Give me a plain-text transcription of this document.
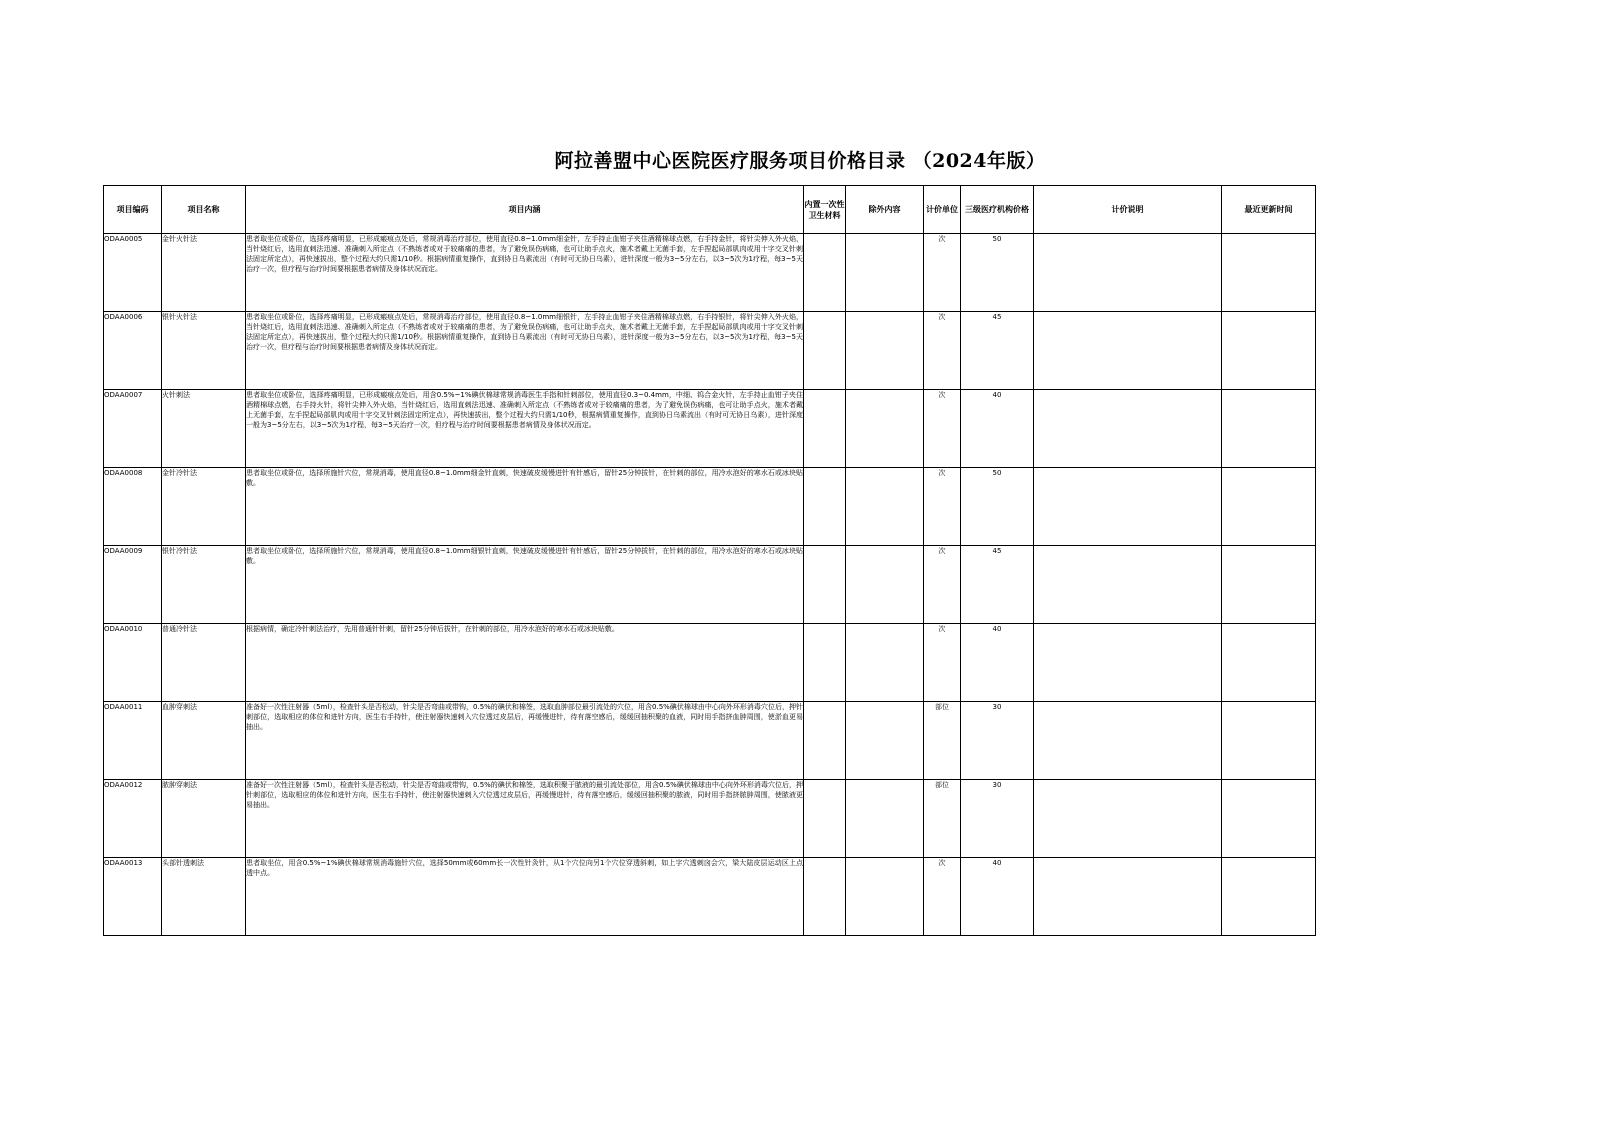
阿拉善盟中心医院医疗服务项目价格目录 （2024年版）
项目编码	项目名称	项目内涵	内置一次性卫生材料	除外内容	计价单位	三级医疗机构价格	计价说明	最近更新时间
ODAA0005	金针火针法	患者取坐位或卧位，选择疼痛明显，已形成瘢痕点处后，常规消毒治疗部位，使用直径0.8~1.0mm细金针，左手持止血钳子夹住酒精棉球点燃，右手持金针，将针尖伸入外火焰，当针烧红后，选用直刺法迅速、准确刺入所定点（不熟练者或对于较痛痛的患者，为了避免误伤病痛，也可让助手点火，施术者戴上无菌手套，左手捏起局部肌肉或用十字交叉针刺法固定所定点），再快速拔出，整个过程大约只需1/10秒。根据病情重复操作，直到协日乌素流出（有时可无协日乌素），进针深度一般为3~5分左右，以3~5次为1疗程，每3~5天治疗一次，但疗程与治疗时间要根据患者病情及身体状况而定。			次	50		
ODAA0006	银针火针法	患者取坐位或卧位，选择疼痛明显，已形成瘢痕点处后，常规消毒治疗部位，使用直径0.8~1.0mm细银针，左手持止血钳子夹住酒精棉球点燃，右手持银针，将针尖伸入外火焰，当针烧红后，选用直刺法迅速、准确刺入所定点（不熟练者或对于较痛痛的患者，为了避免误伤病痛，也可让助手点火，施术者戴上无菌手套，左手捏起局部肌肉或用十字交叉针刺法固定所定点），再快速拔出，整个过程大约只需1/10秒。根据病情重复操作，直到协日乌素流出（有时可无协日乌素），进针深度一般为3~5分左右，以3~5次为1疗程，每3~5天治疗一次，但疗程与治疗时间要根据患者病情及身体状况而定。			次	45		
ODAA0007	火针刺法	患者取坐位或卧位，选择疼痛明显，已形成瘢痕点处后，用含0.5%~1%碘伏棉球常规消毒医生手指和针刺部位，使用直径0.3~0.4mm，中细、钨合金火针，左手持止血钳子夹住酒精棉球点燃，右手持火针，将针尖伸入外火焰，当针烧红后，选用直刺法迅速、准确刺入所定点（不熟练者或对于较痛痛的患者，为了避免误伤病痛，也可让助手点火，施术者戴上无菌手套，左手捏起局部肌肉或用十字交叉针刺法固定所定点），再快速拔出，整个过程大约只需1/10秒，根据病情重复操作，直到协日乌素流出（有时可无协日乌素），进针深度一般为3~5分左右，以3~5次为1疗程，每3~5天治疗一次，但疗程与治疗时间要根据患者病情及身体状况而定。			次	40		
ODAA0008	金针冷针法	患者取坐位或卧位，选择所施针穴位，常规消毒，使用直径0.8~1.0mm细金针直刺，快速破皮缓慢进针有针感后，留针25分钟拔针，在针刺的部位，用冷水泡好的寒水石或冰块贴敷。			次	50		
ODAA0009	银针冷针法	患者取坐位或卧位，选择所施针穴位，常规消毒，使用直径0.8~1.0mm细银针直刺，快速破皮缓慢进针有针感后，留针25分钟拔针，在针刺的部位，用冷水泡好的寒水石或冰块贴敷。			次	45		
ODAA0010	普通冷针法	根据病情，确定冷针刺法治疗，先用普通针针刺，留针25分钟后拔针，在针刺的部位，用冷水泡好的寒水石或冰块贴敷。			次	40		
ODAA0011	血肿穿刺法	准备好一次性注射器（5ml），检查针头是否松动，针尖是否弯曲或带钩，0.5%的碘伏和棉签，选取血肿部位最引流处的穴位，用含0.5%碘伏棉球由中心向外环形消毒穴位后，押针刺部位，选取相应的体位和进针方向，医生右手持针，使注射器快速刺入穴位透过皮层后，再缓慢进针，待有落空感后，缓缓回抽积聚的血液，同时用手指挤血肿周围，使淤血更易抽出。			部位	30		
ODAA0012	脓肿穿刺法	准备好一次性注射器（5ml），检查针头是否松动，针尖是否弯曲或带钩，0.5%的碘伏和棉签，选取积聚于脓液的最引流处部位，用含0.5%碘伏棉球由中心向外环形消毒穴位后，押针刺部位，选取相应的体位和进针方向，医生右手持针，使注射器快速刺入穴位透过皮层后，再缓慢进针，待有落空感后，缓缓回抽积聚的脓液，同时用手指挤脓肿周围，使脓液更易抽出。			部位	30		
ODAA0013	头部针透刺法	患者取坐位，用含0.5%~1%碘伏棉球常规消毒施针穴位，选择50mm或60mm长一次性针灸针，从1个穴位向另1个穴位穿透斜刺，如上字穴透刺囟会穴，梁大陆皮层运动区上点透中点。			次	40		
